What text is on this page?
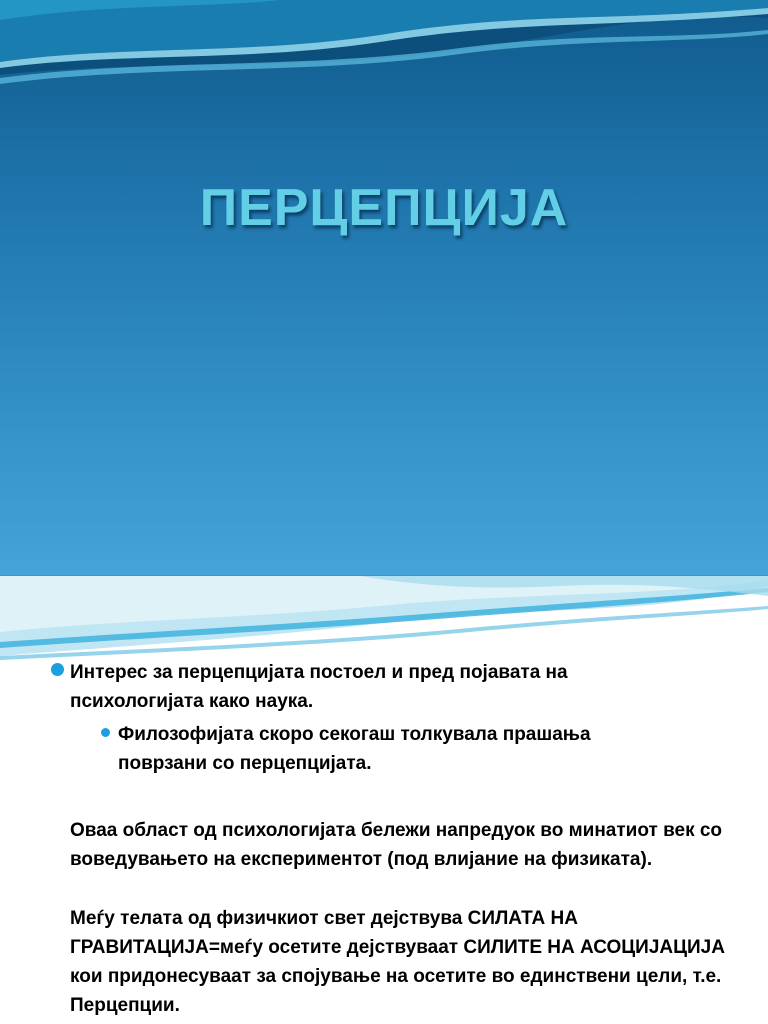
ПЕРЦЕПЦИЈА
Интерес за перцепцијата постоел и пред појавата на психологијата како наука.
Филозофијата скоро секогаш толкувала прашања поврзани со перцепцијата.
Оваа област од психологијата бележи напредуок во минатиот век со воведувањето на експериментот (под влијание на физиката).
Меѓу телата од физичкиот свет дејствува СИЛАТА НА ГРАВИТАЦИЈА=меѓу осетите дејствуваат СИЛИТЕ НА АСОЦИЈАЦИЈА кои придонесуваат за спојување на осетите во единствени цели, т.е. Перцепции.
